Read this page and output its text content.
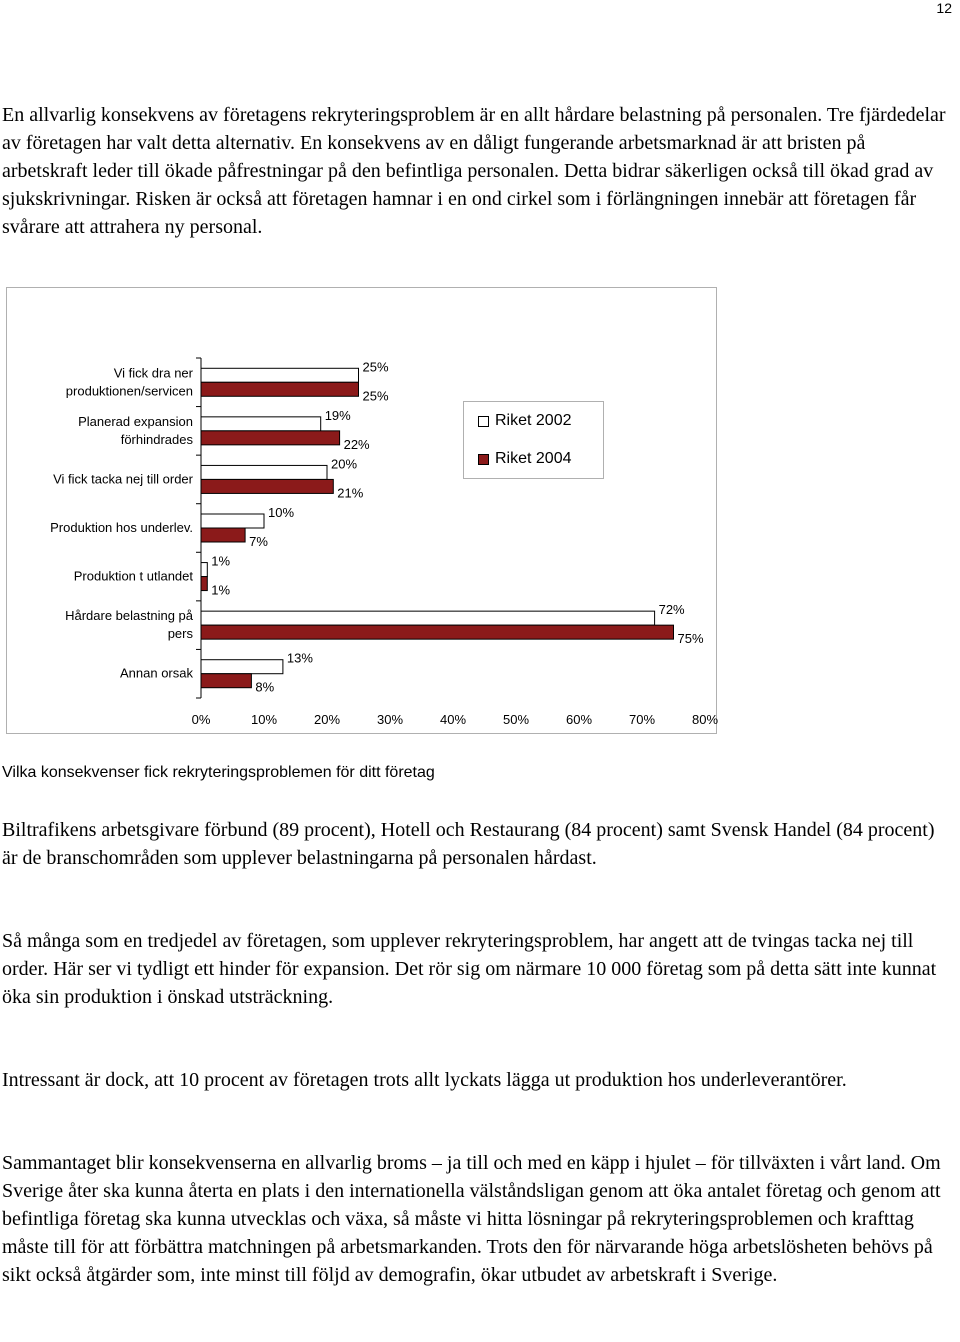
12

En allvarlig konsekvens av företagens rekryteringsproblem är en allt hårdare belastning på personalen. Tre fjärdedelar av företagen har valt detta alternativ. En konsekvens av en dåligt fungerande arbetsmarknad är att bristen på arbetskraft leder till ökade påfrestningar på den befintliga personalen. Detta bidrar säkerligen också till ökad grad av sjukskrivningar. Risken är också att företagen hamnar i en ond cirkel som i förlängningen innebär att företagen får svårare att attrahera ny personal.

Vi fick dra ner produktionen/servicen
25%
25%
Planerad expansion förhindrades
19%
22%
Vi fick tacka nej till order
20%
21%
Produktion hos underlev.
10%
7%
Produktion t utlandet
1%
1%
Hårdare belastning på pers
72%
75%
Annan orsak
13%
8%
0%	10%	20%	30%	40%	50%	60%	70%	80%
Riket 2002
Riket 2004

Vilka konsekvenser fick rekryteringsproblemen för ditt företag

Biltrafikens arbetsgivare förbund (89 procent), Hotell och Restaurang (84 procent) samt Svensk Handel (84 procent) är de branschområden som upplever belastningarna på personalen hårdast.

Så många som en tredjedel av företagen, som upplever rekryteringsproblem, har angett att de tvingas tacka nej till order. Här ser vi tydligt ett hinder för expansion. Det rör sig om närmare 10 000 företag som på detta sätt inte kunnat öka sin produktion i önskad utsträckning.

Intressant är dock, att 10 procent av företagen trots allt lyckats lägga ut produktion hos underleverantörer.

Sammantaget blir konsekvenserna en allvarlig broms – ja till och med en käpp i hjulet – för tillväxten i vårt land. Om Sverige åter ska kunna återta en plats i den internationella välståndsligan genom att öka antalet företag och genom att befintliga företag ska kunna utvecklas och växa, så måste vi hitta lösningar på rekryteringsproblemen och krafttag måste till för att förbättra matchningen på arbetsmarkanden. Trots den för närvarande höga arbetslösheten behövs på sikt också åtgärder som, inte minst till följd av demografin, ökar utbudet av arbetskraft i Sverige.
